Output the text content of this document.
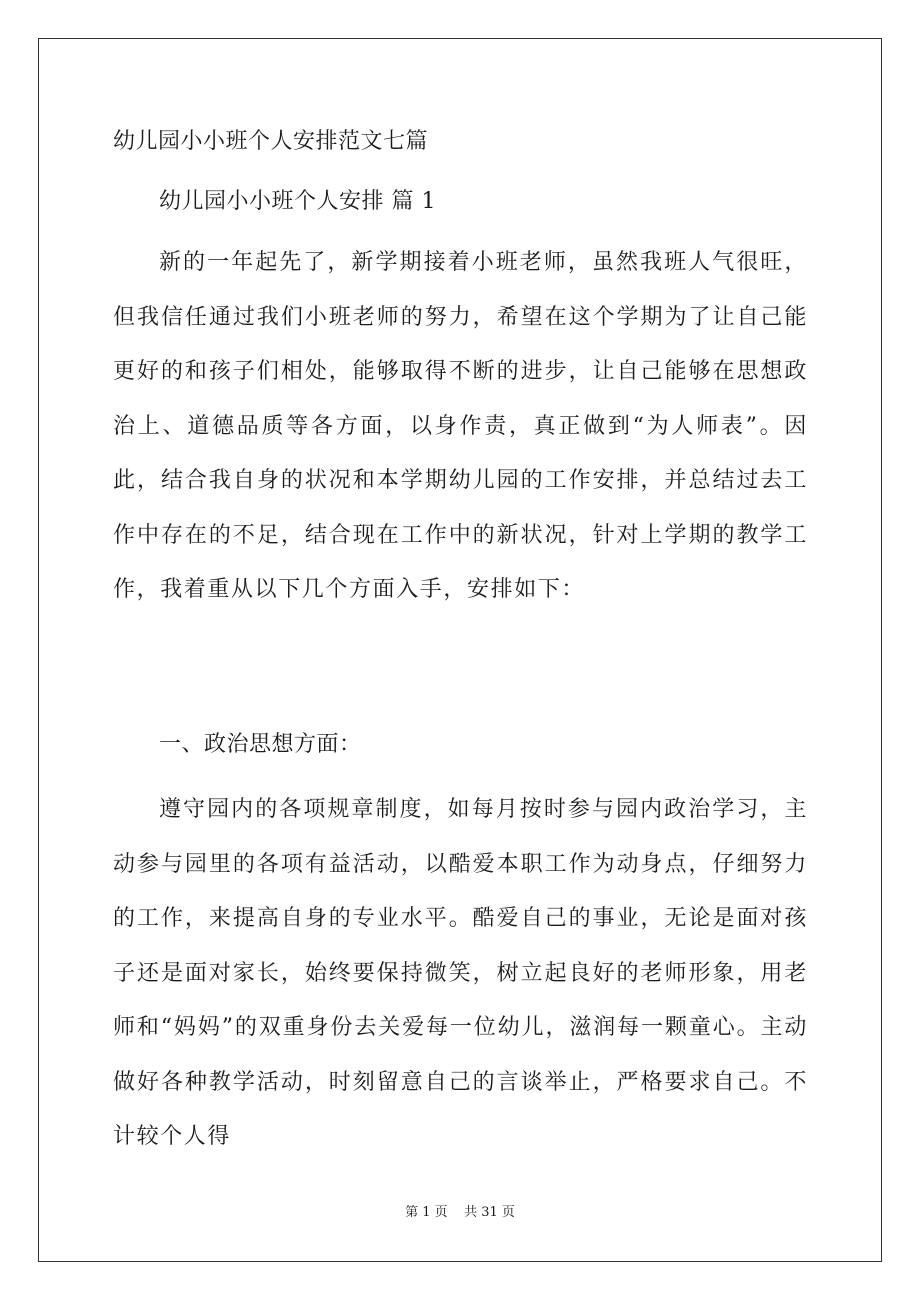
幼儿园小小班个人安排范文七篇
幼儿园小小班个人安排 篇 1

新的一年起先了，新学期接着小班老师，虽然我班人气很旺，但我信任通过我们小班老师的努力，希望在这个学期为了让自己能更好的和孩子们相处，能够取得不断的进步，让自己能够在思想政治上、道德品质等各方面，以身作责，真正做到“为人师表”。因此，结合我自身的状况和本学期幼儿园的工作安排，并总结过去工作中存在的不足，结合现在工作中的新状况，针对上学期的教学工作，我着重从以下几个方面入手，安排如下：

一、政治思想方面：

遵守园内的各项规章制度，如每月按时参与园内政治学习，主动参与园里的各项有益活动，以酷爱本职工作为动身点，仔细努力的工作，来提高自身的专业水平。酷爱自己的事业，无论是面对孩子还是面对家长，始终要保持微笑，树立起良好的老师形象，用老师和“妈妈”的双重身份去关爱每一位幼儿，滋润每一颗童心。主动做好各种教学活动，时刻留意自己的言谈举止，严格要求自己。不计较个人得

第 1 页    共 31 页
